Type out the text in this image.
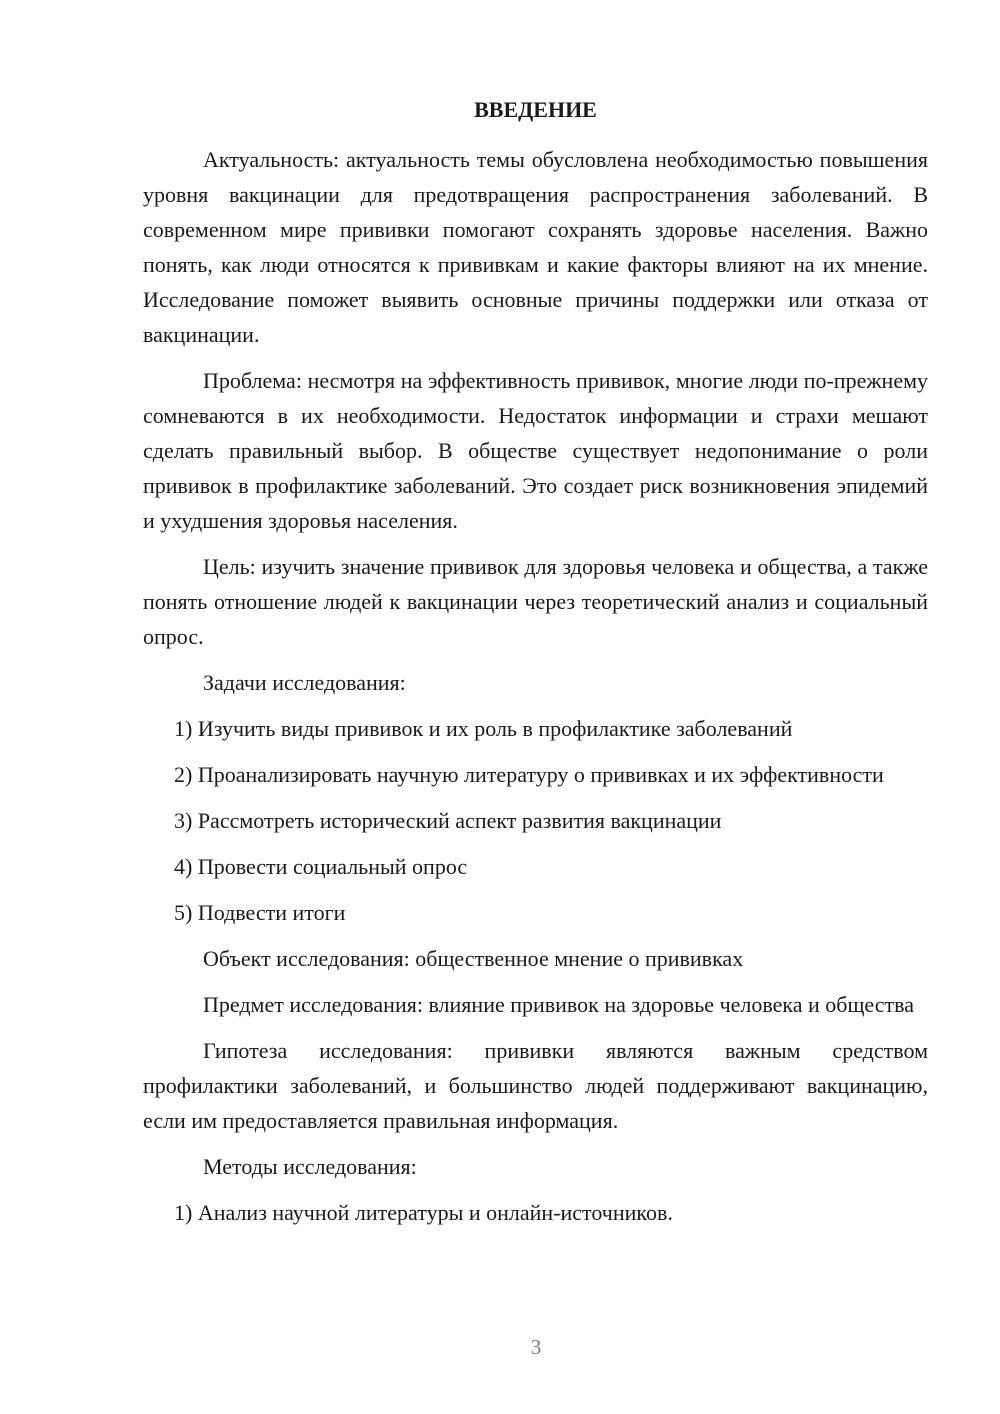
ВВЕДЕНИЕ

Актуальность: актуальность темы обусловлена необходимостью повышения уровня вакцинации для предотвращения распространения заболеваний. В современном мире прививки помогают сохранять здоровье населения. Важно понять, как люди относятся к прививкам и какие факторы влияют на их мнение. Исследование поможет выявить основные причины поддержки или отказа от вакцинации.

Проблема: несмотря на эффективность прививок, многие люди по-прежнему сомневаются в их необходимости. Недостаток информации и страхи мешают сделать правильный выбор. В обществе существует недопонимание о роли прививок в профилактике заболеваний. Это создает риск возникновения эпидемий и ухудшения здоровья населения.

Цель: изучить значение прививок для здоровья человека и общества, а также понять отношение людей к вакцинации через теоретический анализ и социальный опрос.

Задачи исследования:

1) Изучить виды прививок и их роль в профилактике заболеваний

2) Проанализировать научную литературу о прививках и их эффективности

3) Рассмотреть исторический аспект развития вакцинации

4) Провести социальный опрос

5) Подвести итоги

Объект исследования: общественное мнение о прививках

Предмет исследования: влияние прививок на здоровье человека и общества

Гипотеза исследования: прививки являются важным средством профилактики заболеваний, и большинство людей поддерживают вакцинацию, если им предоставляется правильная информация.

Методы исследования:

1) Анализ научной литературы и онлайн-источников.

3
